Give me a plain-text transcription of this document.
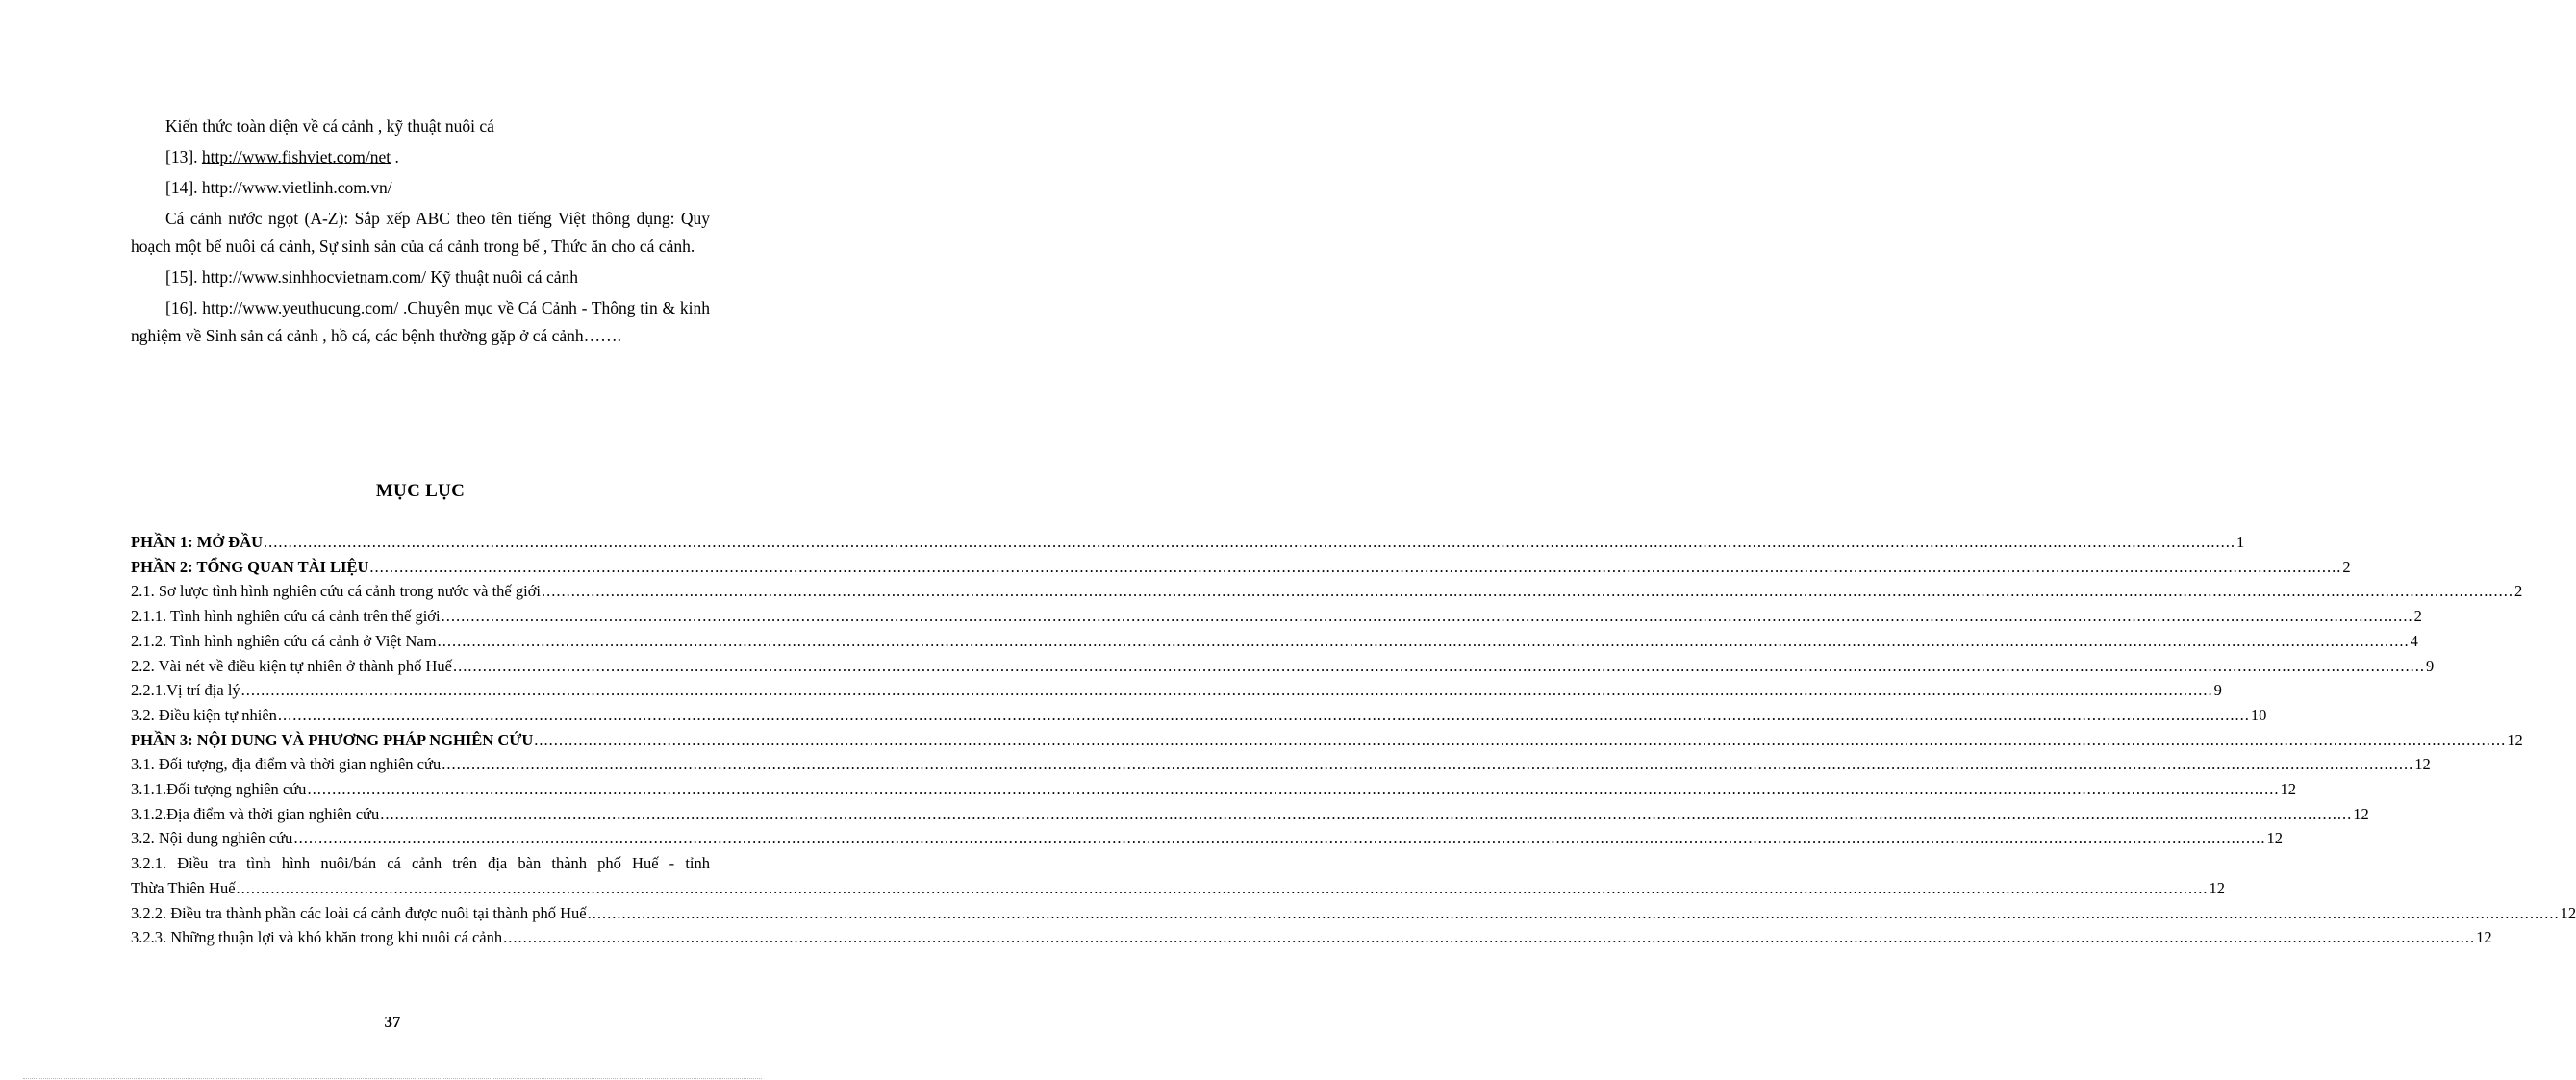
Kiến thức toàn diện về cá cảnh , kỹ thuật nuôi cá

[13]. http://www.fishviet.com/net .

[14]. http://www.vietlinh.com.vn/

Cá cảnh nước ngọt (A-Z): Sắp xếp ABC theo tên tiếng Việt thông dụng: Quy hoạch một bể nuôi cá cảnh, Sự sinh sản của cá cảnh trong bể , Thức ăn cho cá cảnh.

[15]. http://www.sinhhocvietnam.com/ Kỹ thuật nuôi cá cảnh

[16]. http://www.yeuthucung.com/ .Chuyên mục về Cá Cảnh - Thông tin & kinh nghiệm về Sinh sản cá cảnh , hồ cá, các bệnh thường gặp ở cá cảnh…….

MỤC LỤC
PHẦN 1: MỞ ĐẦU ................................................................................................................................................................................................................................................................................................................................................................................................................ 1
PHẦN 2: TỔNG QUAN TÀI LIỆU ................................................................................................................................................................................................................................................................................................................................................................................................................ 2
2.1. Sơ lược tình hình nghiên cứu cá cảnh trong nước và thế giới ................................................................................................................................................................................................................................................................................................................................................................................................................ 2
2.1.1. Tình hình nghiên cứu cá cảnh trên thế giới ................................................................................................................................................................................................................................................................................................................................................................................................................ 2
2.1.2. Tình hình nghiên cứu cá cảnh ở Việt Nam ................................................................................................................................................................................................................................................................................................................................................................................................................ 4
2.2. Vài nét về điều kiện tự nhiên ở thành phố Huế ................................................................................................................................................................................................................................................................................................................................................................................................................ 9
2.2.1.Vị trí địa lý ................................................................................................................................................................................................................................................................................................................................................................................................................ 9
3.2. Điều kiện tự nhiên ................................................................................................................................................................................................................................................................................................................................................................................................................ 10
PHẦN 3: NỘI DUNG VÀ PHƯƠNG PHÁP NGHIÊN CỨU ................................................................................................................................................................................................................................................................................................................................................................................................................ 12
3.1. Đối tượng, địa điểm và thời gian nghiên cứu ................................................................................................................................................................................................................................................................................................................................................................................................................ 12
3.1.1.Đối tượng nghiên cứu ................................................................................................................................................................................................................................................................................................................................................................................................................ 12
3.1.2.Địa điểm và thời gian nghiên cứu ................................................................................................................................................................................................................................................................................................................................................................................................................ 12
3.2. Nội dung nghiên cứu ................................................................................................................................................................................................................................................................................................................................................................................................................ 12
3.2.1. Điều tra tình hình nuôi/bán cá cảnh trên địa bàn thành phố Huế - tỉnh
Thừa Thiên Huế ................................................................................................................................................................................................................................................................................................................................................................................................................ 12
3.2.2. Điều tra thành phần các loài cá cảnh được nuôi tại thành phố Huế ................................................................................................................................................................................................................................................................................................................................................................................................................ 12
3.2.3. Những thuận lợi và khó khăn trong khi nuôi cá cảnh ................................................................................................................................................................................................................................................................................................................................................................................................................ 12
37
